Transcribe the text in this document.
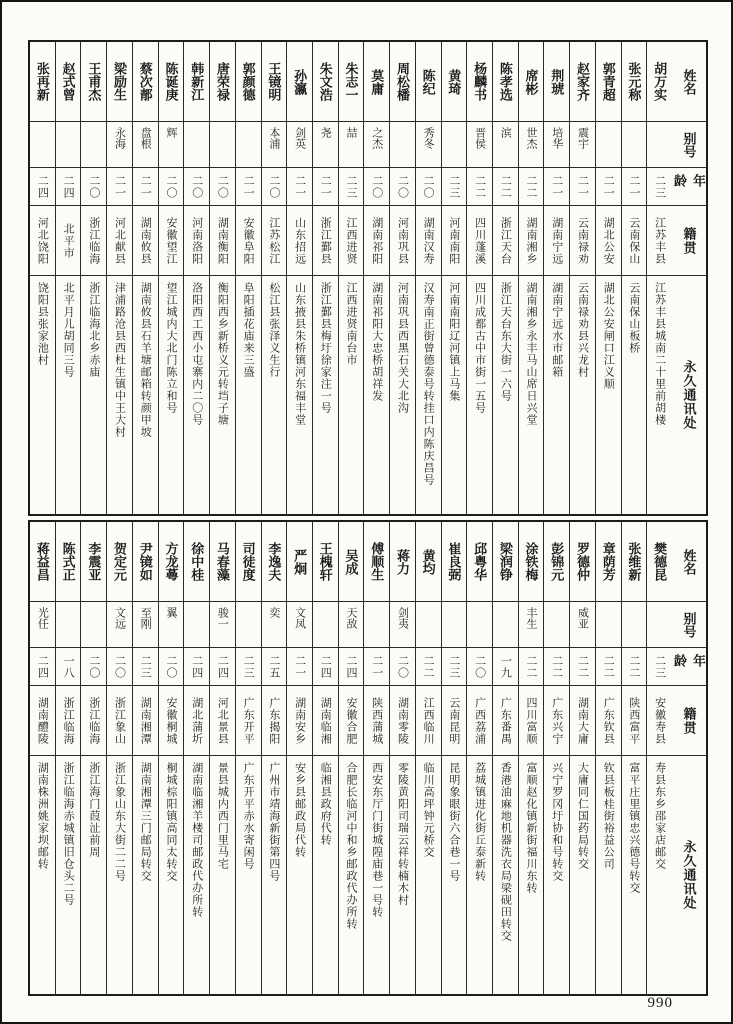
姓名
别号
年龄
籍贯
永久通讯处
胡万实
二三
江苏丰县
江苏丰县城南二十里前胡楼
张元称
二一
云南保山
云南保山板桥
郭青超
二一
湖北公安
湖北公安闸口江义顺
赵家齐
震宇
二一
云南禄劝
云南禄劝县兴龙村
荆琥
培华
二一
湖南宁远
湖南宁远水市邮箱
席彬
世杰
二二
湖南湘乡
湖南湘乡永丰马山席日兴堂
陈孝选
滨
二二
浙江天台
浙江天台东大街一六号
杨麟书
晋侯
二二
四川蓬溪
四川成都古中市街一五号
黄琦
二三
河南南阳
河南南阳辽河镇上马集
陈纪
秀冬
二〇
湖南汉寿
汉寿南正街曾德泰号转挂口内陈庆昌号
周松橎
二〇
河南巩县
河南巩县西黑石关大北沟
莫庸
之杰
二〇
湖南祁阳
湖南祁阳大忠桥胡祥发
朱志一
喆
二三
江西进贤
江西进贤南台市
朱文浩
尧
二一
浙江鄞县
浙江鄞县梅圩徐家注一号
孙瀛
剑英
二一
山东招远
山东掖县朱桥镇河东福丰堂
王镜明
本浦
二〇
江苏松江
松江县张泽义生行
郭颜德
二一
安徽阜阳
阜阳插花庙来三盛
唐荣禄
二〇
湖南衡阳
衡阳西乡新桥义元转垱子塘
韩新江
二〇
河南洛阳
洛阳西工西小屯寨内二〇号
陈诞庚
辉
二〇
安徽望江
望江城内大北门陈立和号
蔡次郬
盘根
二一
湖南攸县
湖南攸县石羊塘邮箱转颜甲坡
梁励生
永海
二一
河北献县
津浦路沧县西杜生镇中王大村
王甫杰
二〇
浙江临海
浙江临海北乡赤庙
赵式曾
二四
北平市
北平月儿胡同三号
张再新
二四
河北饶阳
饶阳县张家池村
姓名
别号
年龄
籍贯
永久通讯处
樊德昆
二三
安徽寿县
寿县东乡邵家店邮交
张维新
二二
陕西富平
富平庄里镇忠兴德号转交
章荫芳
二二
广东钦县
钦县板桂街裕益公司
罗德仲
威亚
二二
湖南大庸
大庸同仁国药局转交
彭锦元
二二
广东兴宁
兴宁罗冈圩协和号转交
涂铁梅
丰生
二二
四川富顺
富顺赵化镇新街福川东转
梁润铮
一九
广东番禺
香港油麻地机器洗衣局梁砚田转交
邱粤华
二〇
广西荔浦
荔城镇进化街丘泰新转
崔良弼
二三
云南昆明
昆明象眼街六合巷一号
黄均
二二
江西临川
临川高坪钟元桥交
蒋力
剑夷
二〇
湖南零陵
零陵黄阳司瑞云祥转楠木村
傅顺生
二一
陕西蒲城
西安东厅门街城隍庙巷一号转
吴成
天敌
二四
安徽合肥
合肥长临河中和乡邮政代办所转
王槐轩
二四
湖南临湘
临湘县政府代转
严炯
文凤
二一
湖南安乡
安乡县邮政局代转
李逸夫
奕
二五
广东揭阳
广州市靖海新街第四号
司徒度
二三
广东开平
广东开平赤水寄闲号
马春藻
骏一
二四
河北景县
景县城内西门里马宅
徐中桂
二四
湖北蒲圻
湖南临湘羊楼司邮政代办所转
方龙蕚
翼
二〇
安徽桐城
桐城棕阳镇高同太转交
尹镜如
至刚
二三
湖南湘潭
湖南湘潭三门邮局转交
贺定元
文远
二〇
浙江象山
浙江象山东大街二二号
李震亚
二〇
浙江临海
浙江海门葭沚前周
陈式正
一八
浙江临海
浙江临海赤城镇旧仓头二号
蒋益昌
光任
二四
湖南醴陵
湖南株洲姚家坝邮转
990
